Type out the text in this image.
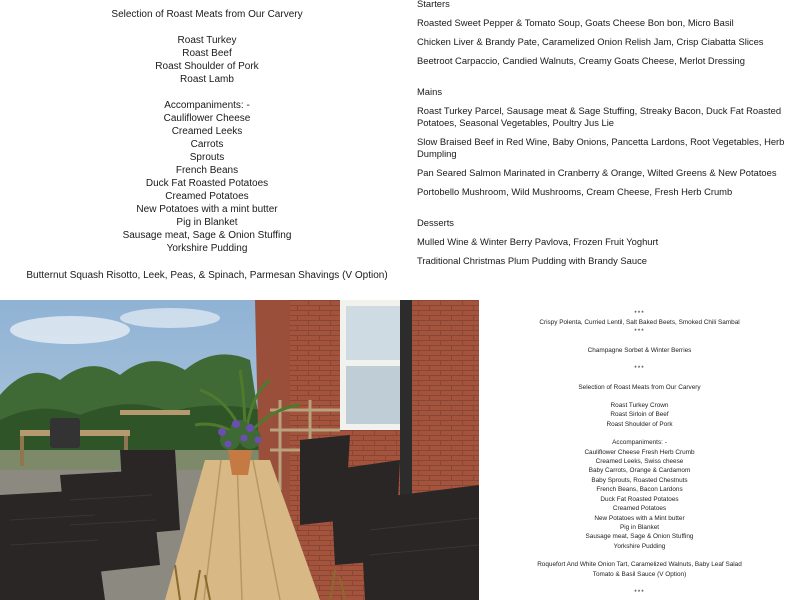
Selection of Roast Meats from Our Carvery
Roast Turkey
Roast Beef
Roast Shoulder of Pork
Roast Lamb
Accompaniments: -
Cauliflower Cheese
Creamed Leeks
Carrots
Sprouts
French Beans
Duck Fat Roasted Potatoes
Creamed Potatoes
New Potatoes with a mint butter
Pig in Blanket
Sausage meat, Sage & Onion Stuffing
Yorkshire Pudding
Butternut Squash Risotto, Leek, Peas, & Spinach, Parmesan Shavings (V Option)
Starters
Roasted Sweet Pepper & Tomato Soup, Goats Cheese Bon bon, Micro Basil
Chicken Liver & Brandy Pate, Caramelized Onion Relish Jam, Crisp Ciabatta Slices
Beetroot Carpaccio, Candied Walnuts, Creamy Goats Cheese, Merlot Dressing
Mains
Roast Turkey Parcel, Sausage meat & Sage Stuffing, Streaky Bacon, Duck Fat Roasted Potatoes, Seasonal Vegetables, Poultry Jus Lie
Slow Braised Beef in Red Wine, Baby Onions, Pancetta Lardons, Root Vegetables, Herb Dumpling
Pan Seared Salmon Marinated in Cranberry & Orange, Wilted Greens & New Potatoes
Portobello Mushroom, Wild Mushrooms, Cream Cheese, Fresh Herb Crumb
Desserts
Mulled Wine & Winter Berry Pavlova, Frozen Fruit Yoghurt
Traditional Christmas Plum Pudding with Brandy Sauce
***
Crispy Polenta, Curried Lentil, Salt Baked Beets, Smoked Chili Sambal
***
Champagne Sorbet & Winter Berries
***
Selection of Roast Meats from Our Carvery
Roast Turkey Crown
Roast Sirloin of Beef
Roast Shoulder of Pork
Accompaniments: -
Cauliflower Cheese Fresh Herb Crumb
Creamed Leeks, Swiss cheese
Baby Carrots, Orange & Cardamom
Baby Sprouts, Roasted Chestnuts
French Beans, Bacon Lardons
Duck Fat Roasted Potatoes
Creamed Potatoes
New Potatoes with a Mint butter
Pig in Blanket
Sausage meat, Sage & Onion Stuffing
Yorkshire Pudding
Roquefort And White Onion Tart, Caramelized Walnuts, Baby Leaf Salad
Tomato & Basil Sauce (V Option)
***
